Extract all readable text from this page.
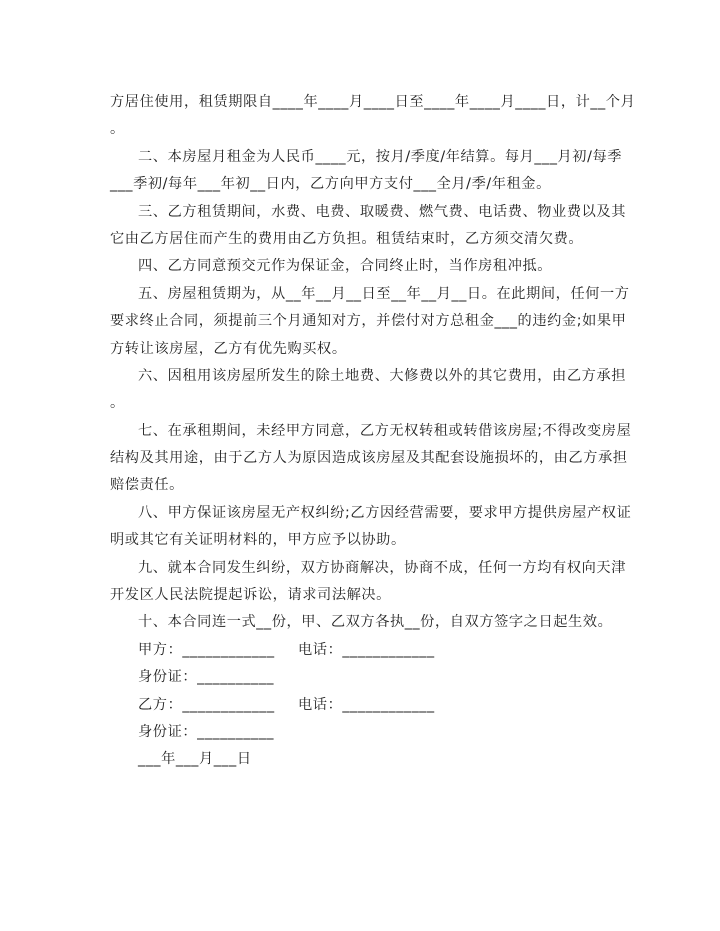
方居住使用，租赁期限自____年____月____日至____年____月____日，计__个月
。
二、本房屋月租金为人民币____元，按月/季度/年结算。每月___月初/每季
___季初/每年___年初__日内，乙方向甲方支付___全月/季/年租金。
三、乙方租赁期间，水费、电费、取暖费、燃气费、电话费、物业费以及其
它由乙方居住而产生的费用由乙方负担。租赁结束时，乙方须交清欠费。
四、乙方同意预交元作为保证金，合同终止时，当作房租冲抵。
五、房屋租赁期为，从__年__月__日至__年__月__日。在此期间，任何一方
要求终止合同，须提前三个月通知对方，并偿付对方总租金___的违约金;如果甲
方转让该房屋，乙方有优先购买权。
六、因租用该房屋所发生的除土地费、大修费以外的其它费用，由乙方承担
。
七、在承租期间，未经甲方同意，乙方无权转租或转借该房屋;不得改变房屋
结构及其用途，由于乙方人为原因造成该房屋及其配套设施损坏的，由乙方承担
赔偿责任。
八、甲方保证该房屋无产权纠纷;乙方因经营需要，要求甲方提供房屋产权证
明或其它有关证明材料的，甲方应予以协助。
九、就本合同发生纠纷，双方协商解决，协商不成，任何一方均有权向天津
开发区人民法院提起诉讼，请求司法解决。
十、本合同连一式__份，甲、乙双方各执__份，自双方签字之日起生效。
甲方：____________	电话：____________
身份证：__________
乙方：____________	电话：____________
身份证：__________
___年___月___日
